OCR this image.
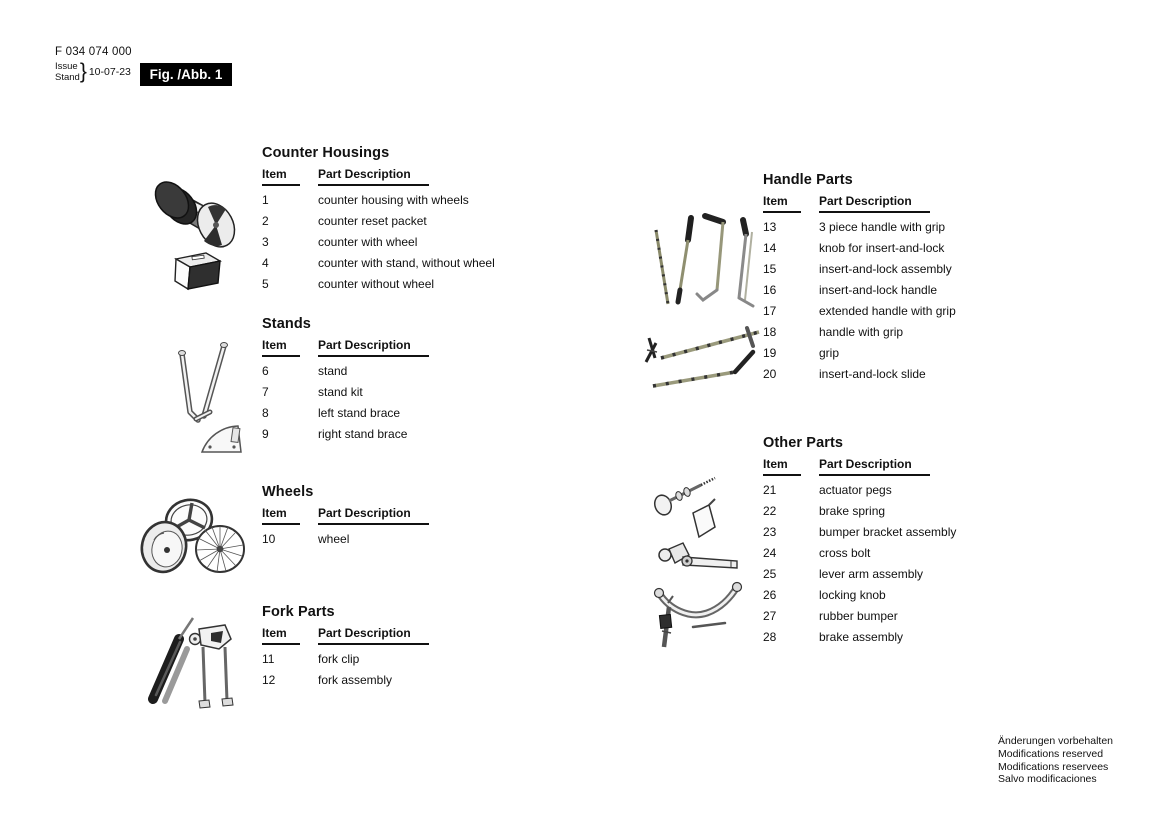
F 034 074 000
Issue
Stand } 10-07-23	Fig. /Abb. 1
Counter Housings
Item	Part Description
1	counter housing with wheels
2	counter reset packet
3	counter with wheel
4	counter with stand, without wheel
5	counter without wheel
Stands
Item	Part Description
6	stand
7	stand kit
8	left stand brace
9	right stand brace
Wheels
Item	Part Description
10	wheel
Fork Parts
Item	Part Description
11	fork clip
12	fork assembly
Handle Parts
Item	Part Description
13	3 piece handle with grip
14	knob for insert-and-lock
15	insert-and-lock assembly
16	insert-and-lock handle
17	extended handle with grip
18	handle with grip
19	grip
20	insert-and-lock slide
Other Parts
Item	Part Description
21	actuator pegs
22	brake spring
23	bumper bracket assembly
24	cross bolt
25	lever arm assembly
26	locking knob
27	rubber bumper
28	brake assembly
Änderungen vorbehalten
Modifications reserved
Modifications reservees
Salvo modificaciones
